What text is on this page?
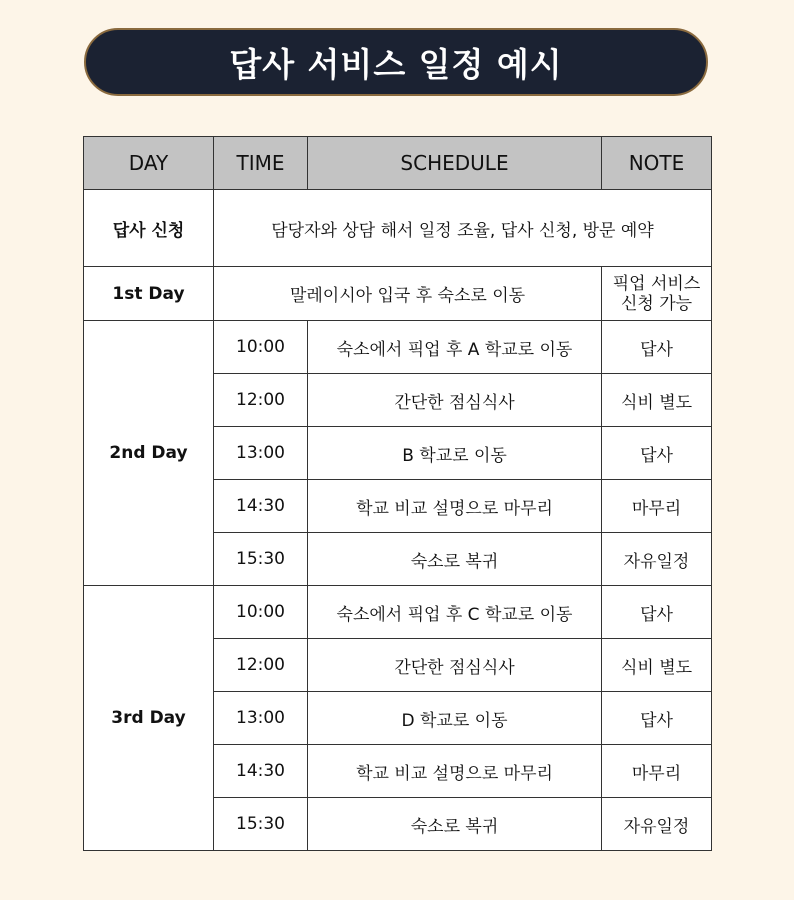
답사 서비스 일정 예시
DAY	TIME	SCHEDULE	NOTE
답사 신청	담당자와 상담 해서 일정 조율, 답사 신청, 방문 예약		
1st Day	말레이시아 입국 후 숙소로 이동		픽업 서비스
신청 가능

2nd Day	10:00	숙소에서 픽업 후 A 학교로 이동	답사
	12:00	간단한 점심식사	식비 별도
	13:00	B 학교로 이동	답사
	14:30	학교 비교 설명으로 마무리	마무리
	15:30	숙소로 복귀	자유일정
3rd Day	10:00	숙소에서 픽업 후 C 학교로 이동	답사
	12:00	간단한 점심식사	식비 별도
	13:00	D 학교로 이동	답사
	14:30	학교 비교 설명으로 마무리	마무리
	15:30	숙소로 복귀	자유일정
